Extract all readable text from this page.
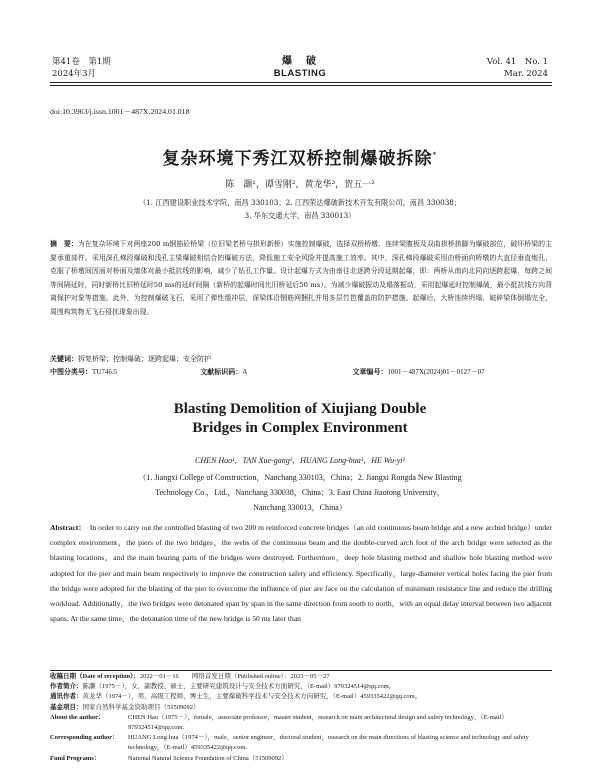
第41卷　第1期
2024年3月
爆　破
BLASTING
Vol. 41　No. 1
Mar. 2024
doi:10.3963/j.issn.1001－487X.2024.01.018
复杂环境下秀江双桥控制爆破拆除*
陈　灏¹，谭雪刚²，黄龙华³，贺五一²
（1. 江西建设职业技术学院，南昌 330103；2. 江西荣达爆破新技术开发有限公司，南昌 330038；
3. 华东交通大学，南昌 330013）
摘　要：为在复杂环境下对两座200 m钢筋砼桥梁（位旧梁老桥与拱形新桥）实施控制爆破，选择双桥桥墩、连续梁腹板及双曲拱桥拱脚为爆破部位，破坏桥梁的主要承重部件。采用深孔梯段爆破和浅孔主梁爆破相结合的爆破方法，降低施工安全风险并提高施工效率。其中，深孔梯段爆破采用由桥面向桥墩的大直径垂直炮孔，克服了桥墩间因面对桥面及墙体对最小抵抗线的影响，减少了钻孔工作量。设计起爆方式为由南往北逐跨分段延期起爆，即：两桥从南向北同向逐跨起爆，每跨之间等间隔延时，同时新桥比旧桥延时50 ms的延时间隔（新桥的起爆时间比旧桥延后50 ms）。为减少爆破振动及塌落振动，采用起爆延时控制爆破，最小抵抗线方向背离保护对象等措施。此外，为控制爆破飞石，采用了弹性缓冲层，深梁体沿钢筋网捆扎并用多层竹笆覆盖的防护措施。起爆后，大桥连续坍塌，破碎梁体倒塌完全，周围构筑物无飞石侵扰现象出现。
关键词：拆复桥梁；控制爆破；逐跨起爆；安全防护
中图分类号：TU746.5	文献标识码：A	文章编号：1001－487X(2024)01－0127－07
Blasting Demolition of Xiujiang Double
Bridges in Complex Environment
CHEN Hao¹，TAN Xue-gang²，HUANG Long-hua³，HE Wu-yi²
（1. Jiangxi College of Construction，Nanchang 330103，China；2. Jiangxi Rongda New Blasting
Technology Co.，Ltd.，Nanchang 330038，China；3. East China Jiaotong University，
Nanchang 330013，China）
Abstract： In order to carry out the controlled blasting of two 200 m reinforced concrete bridges（an old continuous beam bridge and a new arched bridge）under complex environment，the piers of the two bridges，the webs of the continuous beam and the double-curved arch foot of the arch bridge were selected as the blasting locations，and the main bearing parts of the bridges were destroyed. Furthermore，deep hole blasting method and shallow hole blasting method were adopted for the pier and main beam respectively to improve the construction safety and efficiency. Specifically，large-diameter vertical holes facing the pier from the bridge were adopted for the blasting of the pier to overcome the influence of pier are face on the calculation of minimum resistance line and reduce the drilling workload. Additionally，the two bridges were detonated span by span in the same direction from south to north，with an equal delay interval between two adjacent spans. At the same time，the detonation time of the new bridge is 50 ms later than
收稿日期（Date of reception）： 2022－01－16　　网络首发日期（Published online）：2023－05－27
作者简介： 陈灏（1975－），女，副教授、硕士，主要研究建筑设计与安全技术方面研究，（E-mail）979324514@qq.com。
通讯作者： 黄龙华（1974－），男，高级工程师，博士生，主要爆破科学技术与安全技术方向研究，（E-mail）459335422@qq.com。
基金项目： 国家自然科学基金资助项目（51509092）
About the author：	CHEN Hao（1975－），female，associate professor，master student，research on main architectural design and safety technology，（E-mail）979324514@qq.com.
Corresponding author：	HUANG Long-hua（1974－），male，senior engineer，doctoral student，research on the main directions of blasting science and technology and safety technology，（E-mail）459335422@qq.com.
Fund Programs：	National Natural Science Foundation of China（51509092）
